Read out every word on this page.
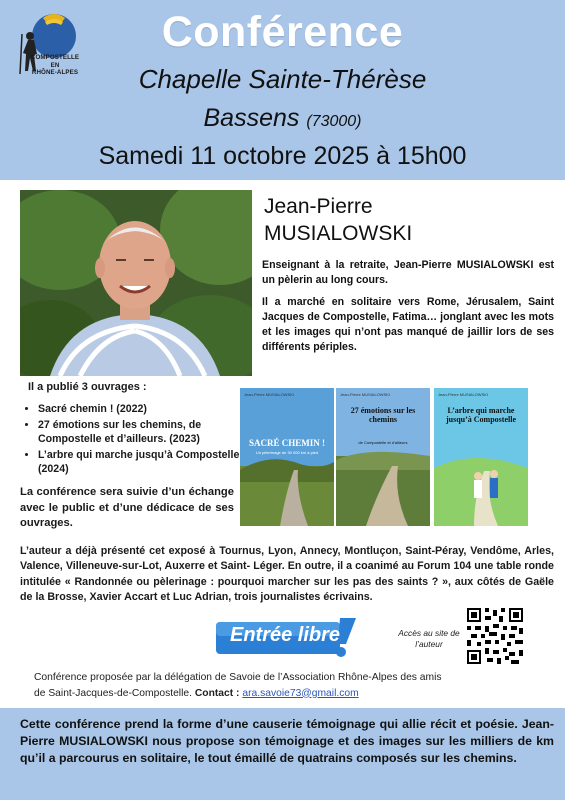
COMPOSTELLE
EN
RHÔNE-ALPES
Conférence
Chapelle Sainte-Thérèse
Bassens (73000)
Samedi 11 octobre 2025 à 15h00
Jean-Pierre
MUSIALOWSKI

Enseignant à la retraite, Jean-Pierre MUSIALOWSKI est un pèlerin au long cours.

Il a marché en solitaire vers Rome, Jérusalem, Saint Jacques de Compostelle, Fatima… jonglant avec les mots et les images qui n’ont pas manqué de jaillir lors de ses différents périples.

Il a publié 3 ouvrages :
• Sacré chemin ! (2022)
• 27 émotions sur les chemins, de Compostelle et d’ailleurs. (2023)
• L’arbre qui marche jusqu’à Compostelle (2024)
La conférence sera suivie d’un échange avec le public et d’une dédicace de ses ouvrages.
Jean-Pierre MUSIALOWSKI
SACRÉ CHEMIN !
Un pèlerinage de 30 000 km à pied
Jean-Pierre MUSIALOWSKI
27 émotions sur les chemins
de Compostelle et d’ailleurs
Jean-Pierre MUSIALOWSKI
L’arbre qui marche jusqu’à Compostelle
L’auteur a déjà présenté cet exposé à Tournus, Lyon, Annecy, Montluçon, Saint-Péray, Vendôme, Arles, Valence, Villeneuve-sur-Lot, Auxerre et Saint- Léger. En outre, il a coanimé au Forum 104 une table ronde intitulée « Randonnée ou pèlerinage : pourquoi marcher sur les pas des saints ? », aux côtés de Gaële de la Brosse, Xavier Accart et Luc Adrian, trois journalistes écrivains.
Entrée libre	Accès au site de l’auteur
Conférence proposée par la délégation de Savoie de l’Association Rhône-Alpes des amis
de Saint-Jacques-de-Compostelle. Contact : ara.savoie73@gmail.com
Cette conférence prend la forme d’une causerie témoignage qui allie récit et poésie. Jean-Pierre MUSIALOWSKI nous propose son témoignage et des images sur les milliers de km qu’il a parcourus en solitaire, le tout émaillé de quatrains composés sur les chemins.
